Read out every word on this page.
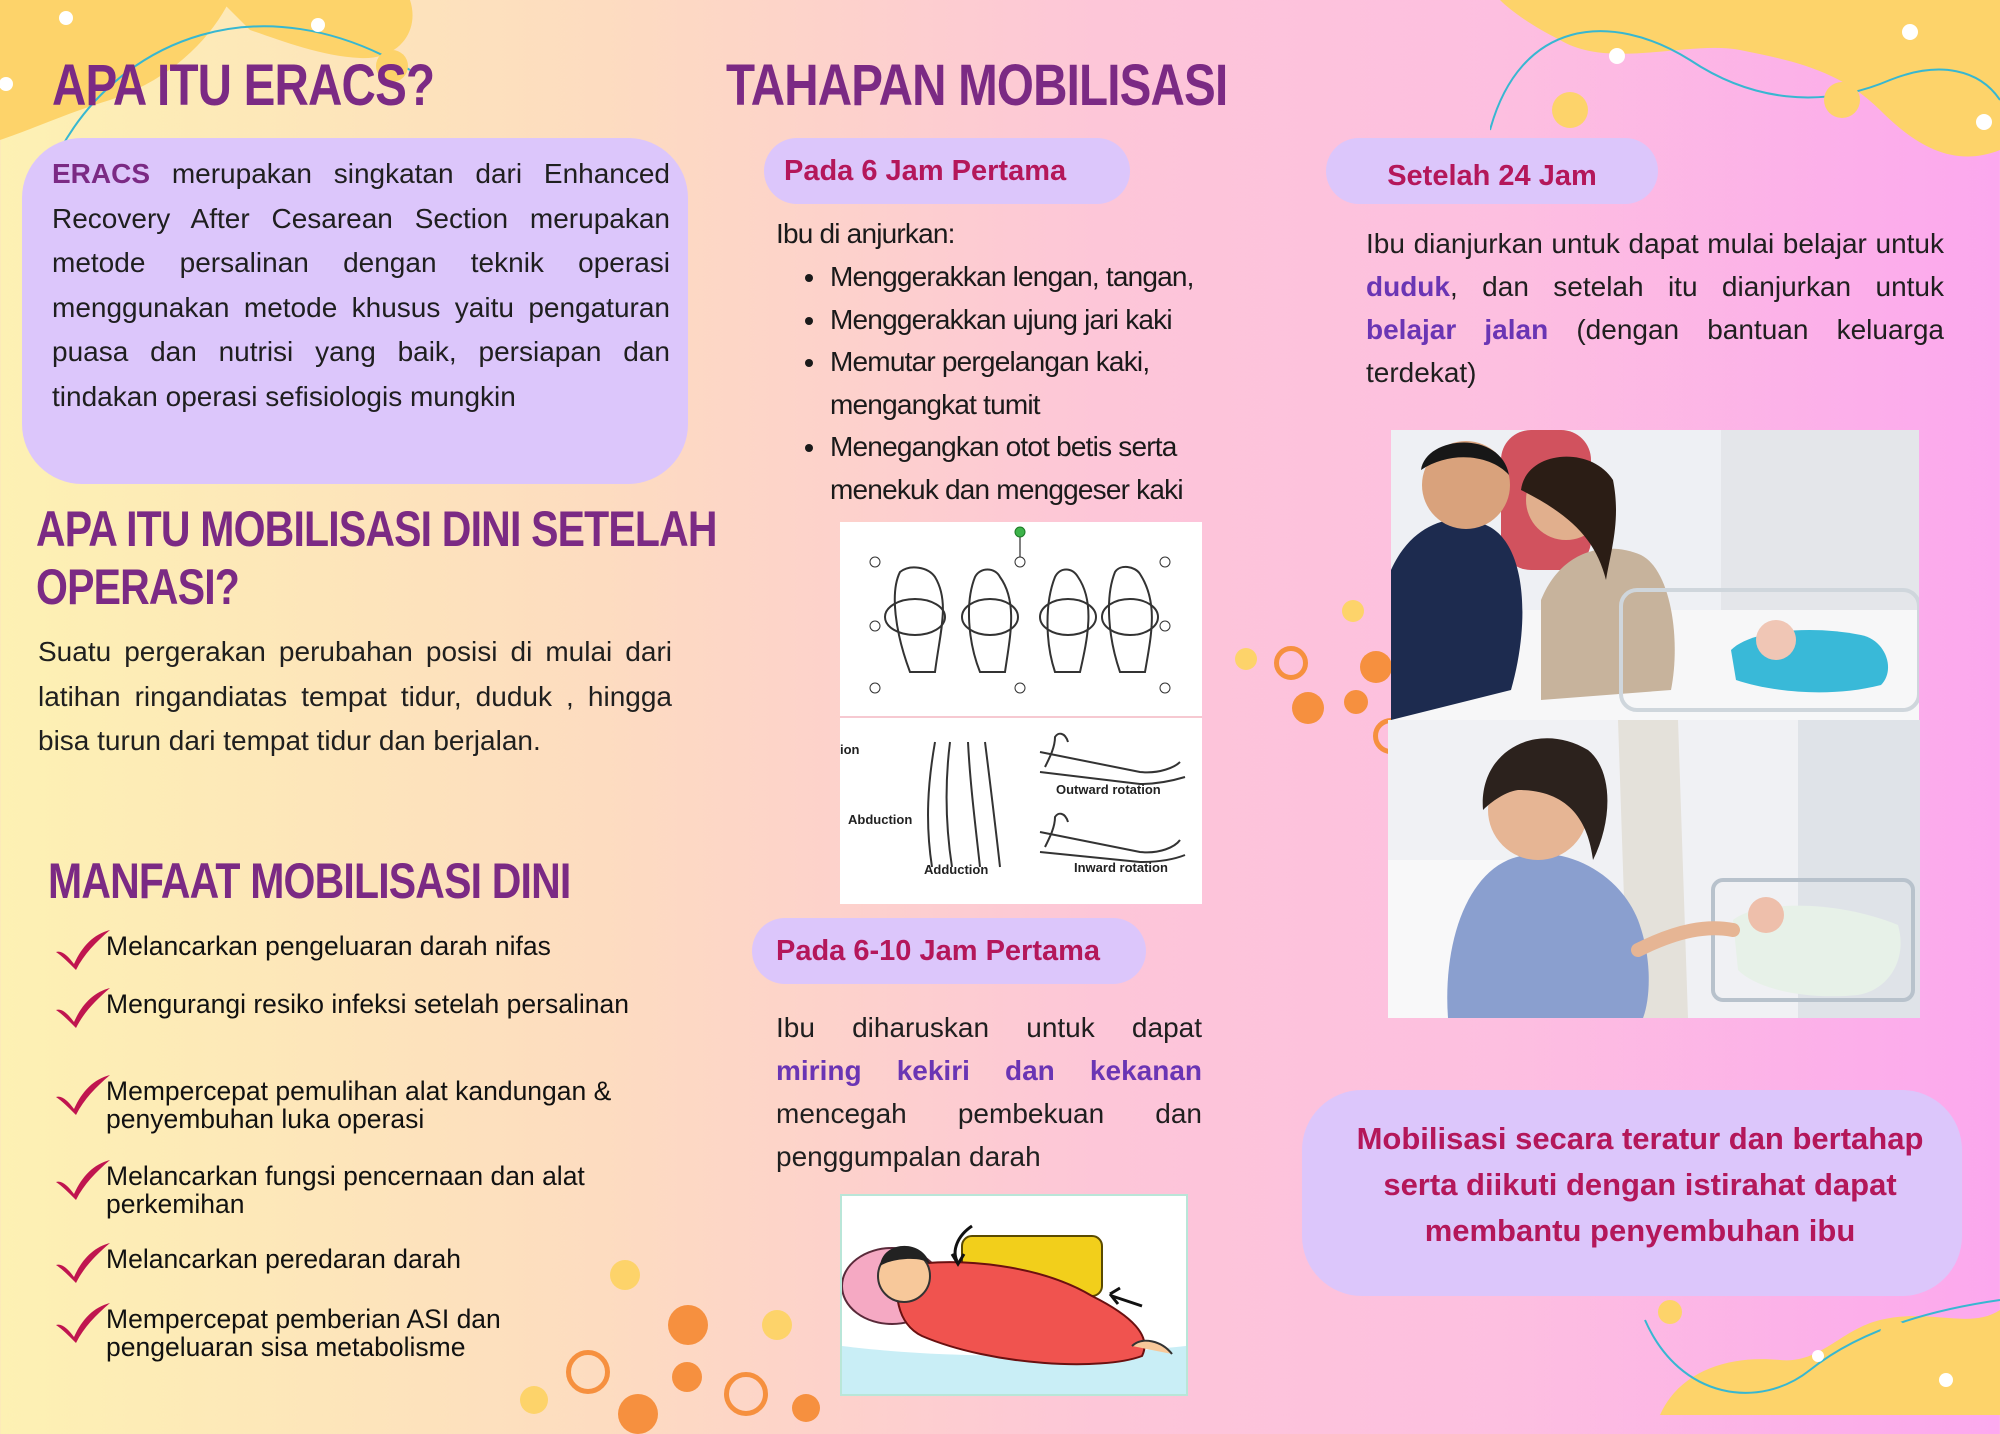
APA ITU ERACS?
ERACS merupakan singkatan dari Enhanced Recovery After Cesarean Section merupakan metode persalinan dengan teknik operasi menggunakan metode khusus yaitu pengaturan puasa dan nutrisi yang baik, persiapan dan tindakan operasi sefisiologis mungkin
APA ITU MOBILISASI DINI SETELAH
OPERASI?
Suatu pergerakan perubahan posisi di mulai dari latihan ringandiatas tempat tidur, duduk , hingga bisa turun dari tempat tidur dan berjalan.
MANFAAT MOBILISASI DINI
Melancarkan pengeluaran darah nifas
Mengurangi resiko infeksi setelah persalinan
Mempercepat pemulihan alat kandungan & penyembuhan luka operasi
Melancarkan fungsi pencernaan dan alat perkemihan
Melancarkan peredaran darah
Mempercepat pemberian ASI dan pengeluaran sisa metabolisme
TAHAPAN MOBILISASI
Pada 6 Jam Pertama
Ibu di anjurkan:
• Menggerakkan lengan, tangan,
• Menggerakkan ujung jari kaki
• Memutar pergelangan kaki, mengangkat tumit
• Menegangkan otot betis serta menekuk dan menggeser kaki
ion
Abduction
Adduction
Outward rotation
Inward rotation
Pada 6-10 Jam Pertama
Ibu diharuskan untuk dapat miring kekiri dan kekanan mencegah pembekuan dan penggumpalan darah
Setelah 24 Jam
Ibu dianjurkan untuk dapat mulai belajar untuk duduk, dan setelah itu dianjurkan untuk belajar jalan (dengan bantuan keluarga terdekat)
Mobilisasi secara teratur dan bertahap serta diikuti dengan istirahat dapat membantu penyembuhan ibu
